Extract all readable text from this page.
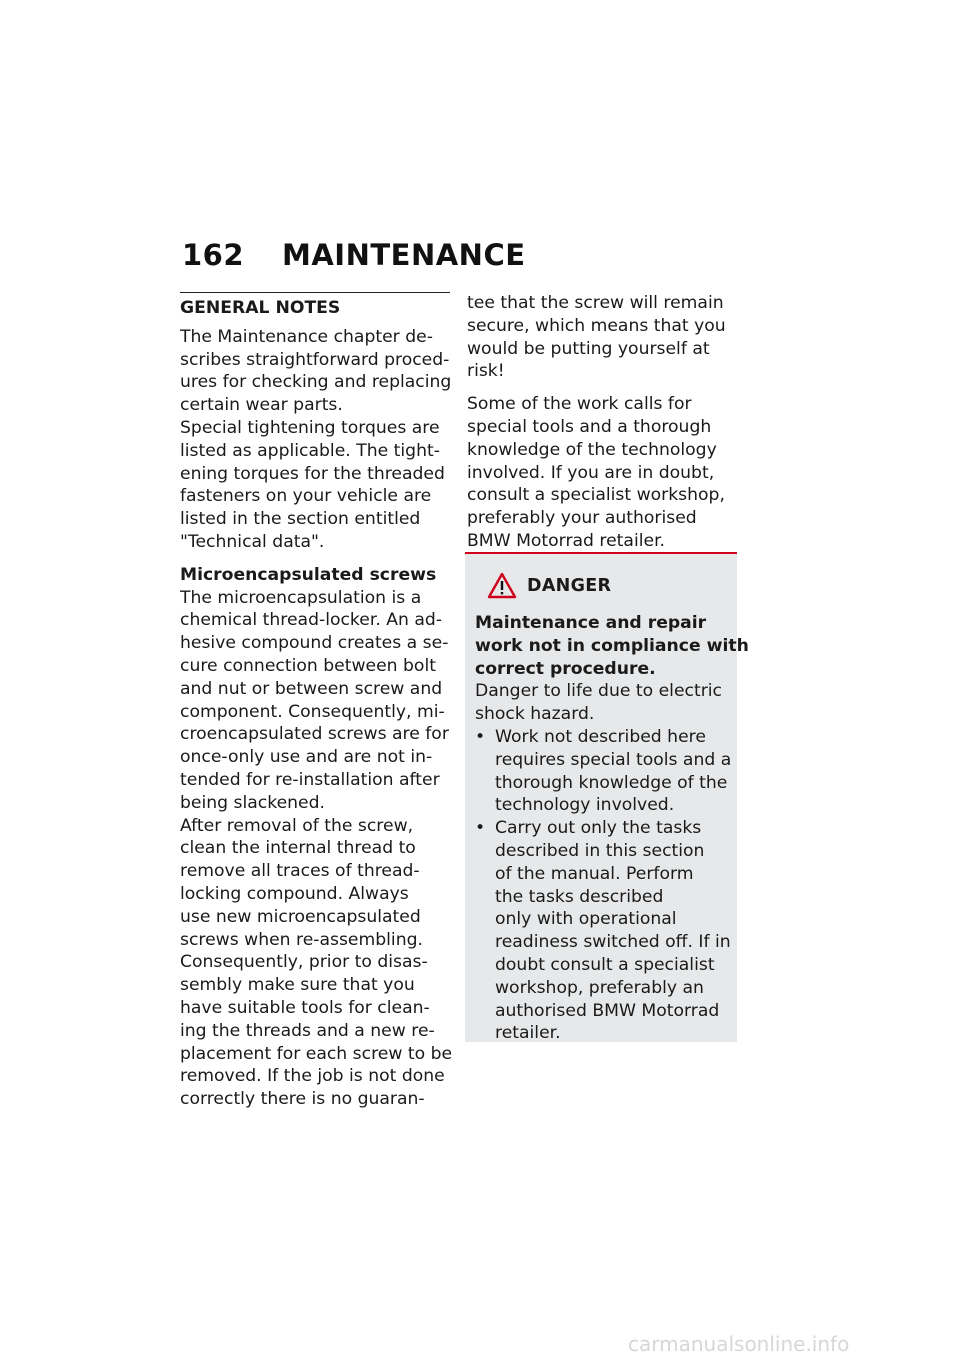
162 MAINTENANCE
GENERAL NOTES
The Maintenance chapter de-
scribes straightforward proced-
ures for checking and replacing
certain wear parts.
Special tightening torques are
listed as applicable. The tight-
ening torques for the threaded
fasteners on your vehicle are
listed in the section entitled
"Technical data".
Microencapsulated screws
The microencapsulation is a
chemical thread-locker. An ad-
hesive compound creates a se-
cure connection between bolt
and nut or between screw and
component. Consequently, mi-
croencapsulated screws are for
once-only use and are not in-
tended for re-installation after
being slackened.
After removal of the screw,
clean the internal thread to
remove all traces of thread-
locking compound. Always
use new microencapsulated
screws when re-assembling.
Consequently, prior to disas-
sembly make sure that you
have suitable tools for clean-
ing the threads and a new re-
placement for each screw to be
removed. If the job is not done
correctly there is no guaran-
tee that the screw will remain
secure, which means that you
would be putting yourself at
risk!
Some of the work calls for
special tools and a thorough
knowledge of the technology
involved. If you are in doubt,
consult a specialist workshop,
preferably your authorised
BMW Motorrad retailer.
DANGER
Maintenance and repair
work not in compliance with
correct procedure.
Danger to life due to electric
shock hazard.
• Work not described here
requires special tools and a
thorough knowledge of the
technology involved.
• Carry out only the tasks
described in this section
of the manual. Perform
the tasks described
only with operational
readiness switched off. If in
doubt consult a specialist
workshop, preferably an
authorised BMW Motorrad
retailer.
carmanualsonline.info
